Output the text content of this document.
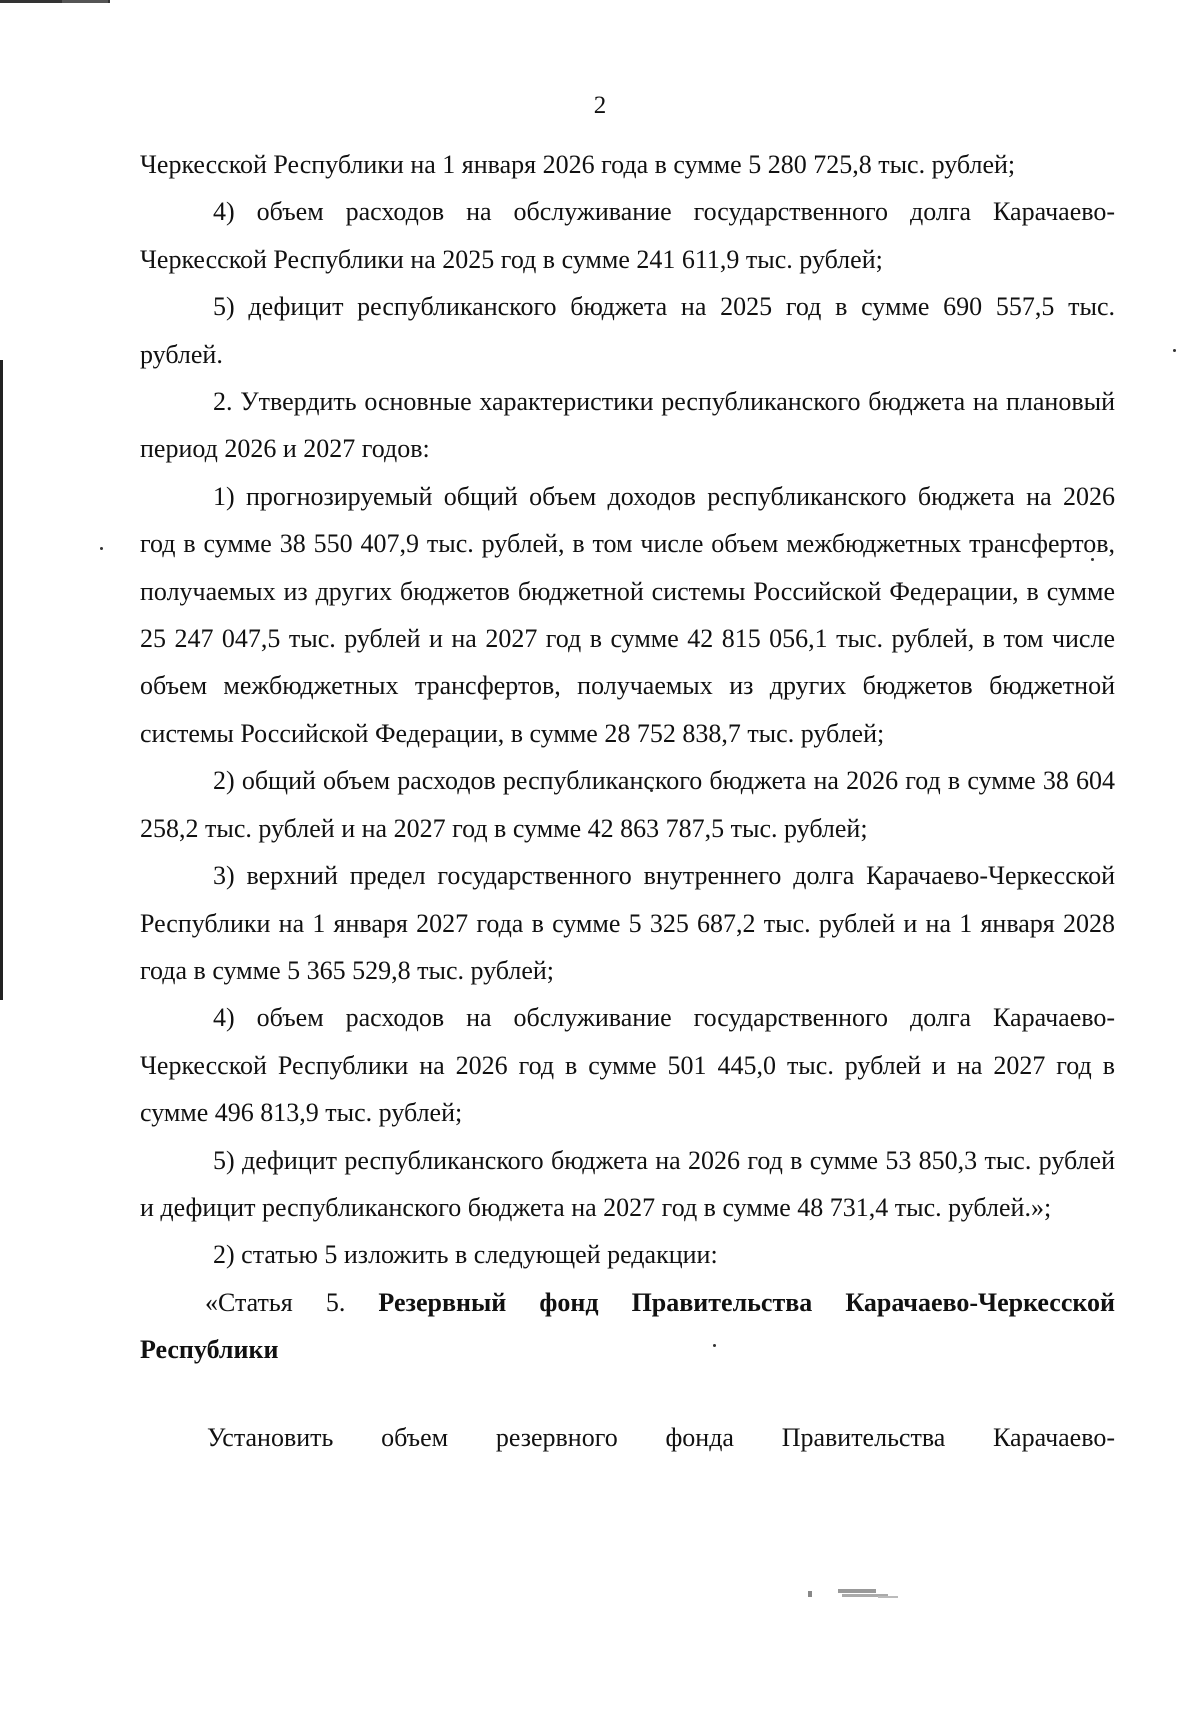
2

Черкесской Республики на 1 января 2026 года в сумме 5 280 725,8 тыс. рублей;

4) объем расходов на обслуживание государственного долга Карачаево-Черкесской Республики на 2025 год в сумме 241 611,9 тыс. рублей;

5) дефицит республиканского бюджета на 2025 год в сумме 690 557,5 тыс. рублей.

2. Утвердить основные характеристики республиканского бюджета на плановый период 2026 и 2027 годов:

1) прогнозируемый общий объем доходов республиканского бюджета на 2026 год в сумме 38 550 407,9 тыс. рублей, в том числе объем межбюджетных трансфертов, получаемых из других бюджетов бюджетной системы Российской Федерации, в сумме 25 247 047,5 тыс. рублей и на 2027 год в сумме 42 815 056,1 тыс. рублей, в том числе объем межбюджетных трансфертов, получаемых из других бюджетов бюджетной системы Российской Федерации, в сумме 28 752 838,7 тыс. рублей;

2) общий объем расходов республиканского бюджета на 2026 год в сумме 38 604 258,2 тыс. рублей и на 2027 год в сумме 42 863 787,5 тыс. рублей;

3) верхний предел государственного внутреннего долга Карачаево-Черкесской Республики на 1 января 2027 года в сумме 5 325 687,2 тыс. рублей и на 1 января 2028 года в сумме 5 365 529,8 тыс. рублей;

4) объем расходов на обслуживание государственного долга Карачаево-Черкесской Республики на 2026 год в сумме 501 445,0 тыс. рублей и на 2027 год в сумме 496 813,9 тыс. рублей;

5) дефицит республиканского бюджета на 2026 год в сумме 53 850,3 тыс. рублей и дефицит республиканского бюджета на 2027 год в сумме 48 731,4 тыс. рублей.»;

2) статью 5 изложить в следующей редакции:

«Статья 5. Резервный фонд Правительства Карачаево-Черкесской Республики

Установить объем резервного фонда Правительства Карачаево-
